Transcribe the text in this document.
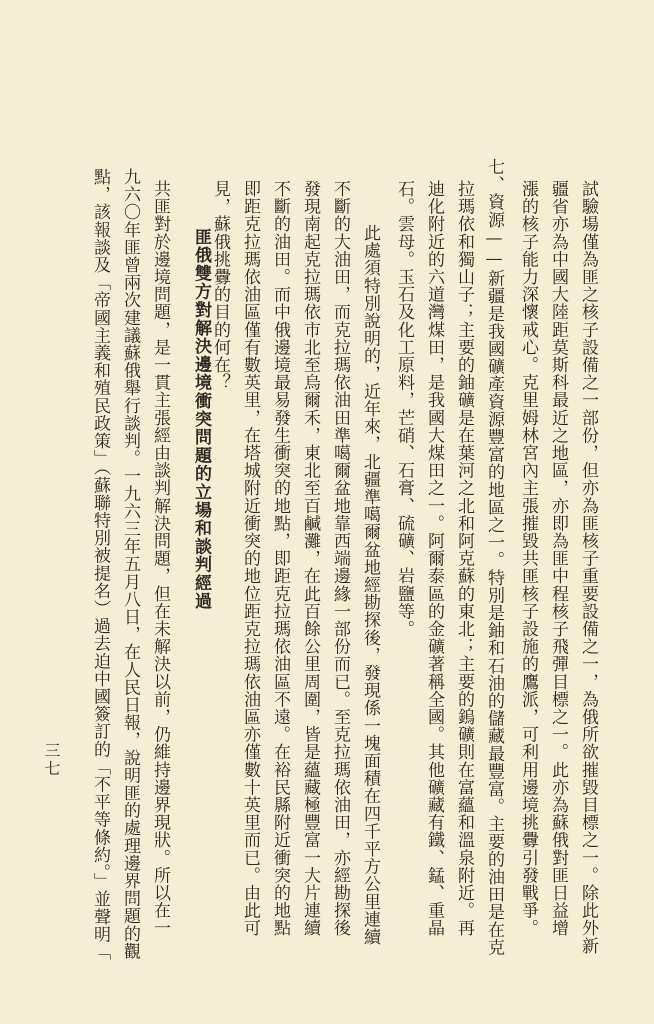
試驗場僅為匪之核子設備之一部份，但亦為匪核子重要設備之一，為俄所欲摧毀目標之一。除此外新
疆省亦為中國大陸距莫斯科最近之地區，亦即為匪中程核子飛彈目標之一。此亦為蘇俄對匪日益增
漲的核子能力深懷戒心。克里姆林宮內主張摧毀共匪核子設施的鷹派，可利用邊境挑釁引發戰爭。
七、資源——新疆是我國礦產資源豐富的地區之一。特別是鈾和石油的儲藏最豐富。主要的油田是在克
拉瑪依和獨山子；主要的鈾礦是在葉河之北和阿克蘇的東北；主要的鎢礦則在富蘊和溫泉附近。再
迪化附近的六道灣煤田，是我國大煤田之一。阿爾泰區的金礦著稱全國。其他礦藏有鐵、錳、重晶
石。雲母。玉石及化工原料，芒硝、石膏、硫礦、岩鹽等。
此處須特別說明的，近年來，北疆準噶爾盆地經勘探後，發現係一塊面積在四千平方公里連續
不斷的大油田，而克拉瑪依油田準噶爾盆地靠西端邊緣一部份而已。至克拉瑪依油田，亦經勘探後
發現南起克拉瑪依市北至烏爾禾，東北至百鹹灘，在此百餘公里周圍，皆是蘊藏極豐富一大片連續
不斷的油田。而中俄邊境最易發生衝突的地點，即距克拉瑪依油區不遠。在裕民縣附近衝突的地點
即距克拉瑪依油區僅有數英里，在塔城附近衝突的地位距克拉瑪依油區亦僅數十英里而已。由此可
見，蘇俄挑釁的目的何在？
匪俄雙方對解決邊境衝突問題的立場和談判經過
共匪對於邊境問題，是一貫主張經由談判解決問題，但在未解決以前，仍維持邊界現狀。所以在一
九六〇年匪曾兩次建議蘇俄舉行談判。一九六三年五月八日，在人民日報，說明匪的處理邊界問題的觀
點，該報談及「帝國主義和殖民政策」（蘇聯特別被提名）過去迫中國簽訂的「不平等條約。」並聲明「
三七
